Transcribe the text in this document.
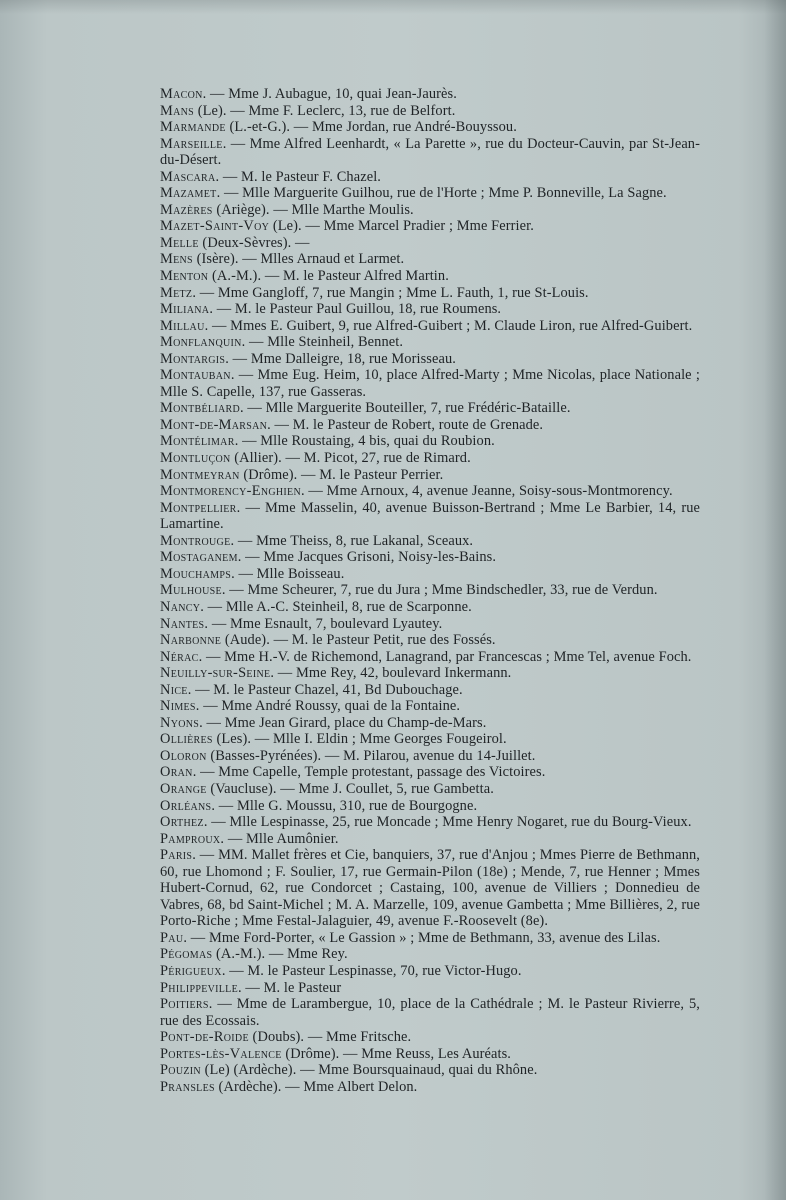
Macon. — Mme J. Aubague, 10, quai Jean-Jaurès.
Mans (Le). — Mme F. Leclerc, 13, rue de Belfort.
Marmande (L.-et-G.). — Mme Jordan, rue André-Bouyssou.
Marseille. — Mme Alfred Leenhardt, « La Parette », rue du Docteur-Cauvin, par St-Jean-du-Désert.
Mascara. — M. le Pasteur F. Chazel.
Mazamet. — Mlle Marguerite Guilhou, rue de l'Horte ; Mme P. Bonneville, La Sagne.
Mazères (Ariège). — Mlle Marthe Moulis.
Mazet-Saint-Voy (Le). — Mme Marcel Pradier ; Mme Ferrier.
Melle (Deux-Sèvres). —
Mens (Isère). — Mlles Arnaud et Larmet.
Menton (A.-M.). — M. le Pasteur Alfred Martin.
Metz. — Mme Gangloff, 7, rue Mangin ; Mme L. Fauth, 1, rue St-Louis.
Miliana. — M. le Pasteur Paul Guillou, 18, rue Roumens.
Millau. — Mmes E. Guibert, 9, rue Alfred-Guibert ; M. Claude Liron, rue Alfred-Guibert.
Monflanquin. — Mlle Steinheil, Bennet.
Montargis. — Mme Dalleigre, 18, rue Morisseau.
Montauban. — Mme Eug. Heim, 10, place Alfred-Marty ; Mme Nicolas, place Nationale ; Mlle S. Capelle, 137, rue Gasseras.
Montbéliard. — Mlle Marguerite Bouteiller, 7, rue Frédéric-Bataille.
Mont-de-Marsan. — M. le Pasteur de Robert, route de Grenade.
Montélimar. — Mlle Roustaing, 4 bis, quai du Roubion.
Montluçon (Allier). — M. Picot, 27, rue de Rimard.
Montmeyran (Drôme). — M. le Pasteur Perrier.
Montmorency-Enghien. — Mme Arnoux, 4, avenue Jeanne, Soisy-sous-Montmorency.
Montpellier. — Mme Masselin, 40, avenue Buisson-Bertrand ; Mme Le Barbier, 14, rue Lamartine.
Montrouge. — Mme Theiss, 8, rue Lakanal, Sceaux.
Mostaganem. — Mme Jacques Grisoni, Noisy-les-Bains.
Mouchamps. — Mlle Boisseau.
Mulhouse. — Mme Scheurer, 7, rue du Jura ; Mme Bindschedler, 33, rue de Verdun.
Nancy. — Mlle A.-C. Steinheil, 8, rue de Scarponne.
Nantes. — Mme Esnault, 7, boulevard Lyautey.
Narbonne (Aude). — M. le Pasteur Petit, rue des Fossés.
Nérac. — Mme H.-V. de Richemond, Lanagrand, par Francescas ; Mme Tel, avenue Foch.
Neuilly-sur-Seine. — Mme Rey, 42, boulevard Inkermann.
Nice. — M. le Pasteur Chazel, 41, Bd Dubouchage.
Nimes. — Mme André Roussy, quai de la Fontaine.
Nyons. — Mme Jean Girard, place du Champ-de-Mars.
Ollières (Les). — Mlle I. Eldin ; Mme Georges Fougeirol.
Oloron (Basses-Pyrénées). — M. Pilarou, avenue du 14-Juillet.
Oran. — Mme Capelle, Temple protestant, passage des Victoires.
Orange (Vaucluse). — Mme J. Coullet, 5, rue Gambetta.
Orléans. — Mlle G. Moussu, 310, rue de Bourgogne.
Orthez. — Mlle Lespinasse, 25, rue Moncade ; Mme Henry Nogaret, rue du Bourg-Vieux.
Pamproux. — Mlle Aumônier.
Paris. — MM. Mallet frères et Cie, banquiers, 37, rue d'Anjou ; Mmes Pierre de Bethmann, 60, rue Lhomond ; F. Soulier, 17, rue Germain-Pilon (18e) ; Mende, 7, rue Henner ; Mmes Hubert-Cornud, 62, rue Condorcet ; Castaing, 100, avenue de Villiers ; Donnedieu de Vabres, 68, bd Saint-Michel ; M. A. Marzelle, 109, avenue Gambetta ; Mme Billières, 2, rue Porto-Riche ; Mme Festal-Jalaguier, 49, avenue F.-Roosevelt (8e).
Pau. — Mme Ford-Porter, « Le Gassion » ; Mme de Bethmann, 33, avenue des Lilas.
Pégomas (A.-M.). — Mme Rey.
Périgueux. — M. le Pasteur Lespinasse, 70, rue Victor-Hugo.
Philippeville. — M. le Pasteur
Poitiers. — Mme de Larambergue, 10, place de la Cathédrale ; M. le Pasteur Rivierre, 5, rue des Ecossais.
Pont-de-Roide (Doubs). — Mme Fritsche.
Portes-lès-Valence (Drôme). — Mme Reuss, Les Auréats.
Pouzin (Le) (Ardèche). — Mme Boursquainaud, quai du Rhône.
Pransles (Ardèche). — Mme Albert Delon.
